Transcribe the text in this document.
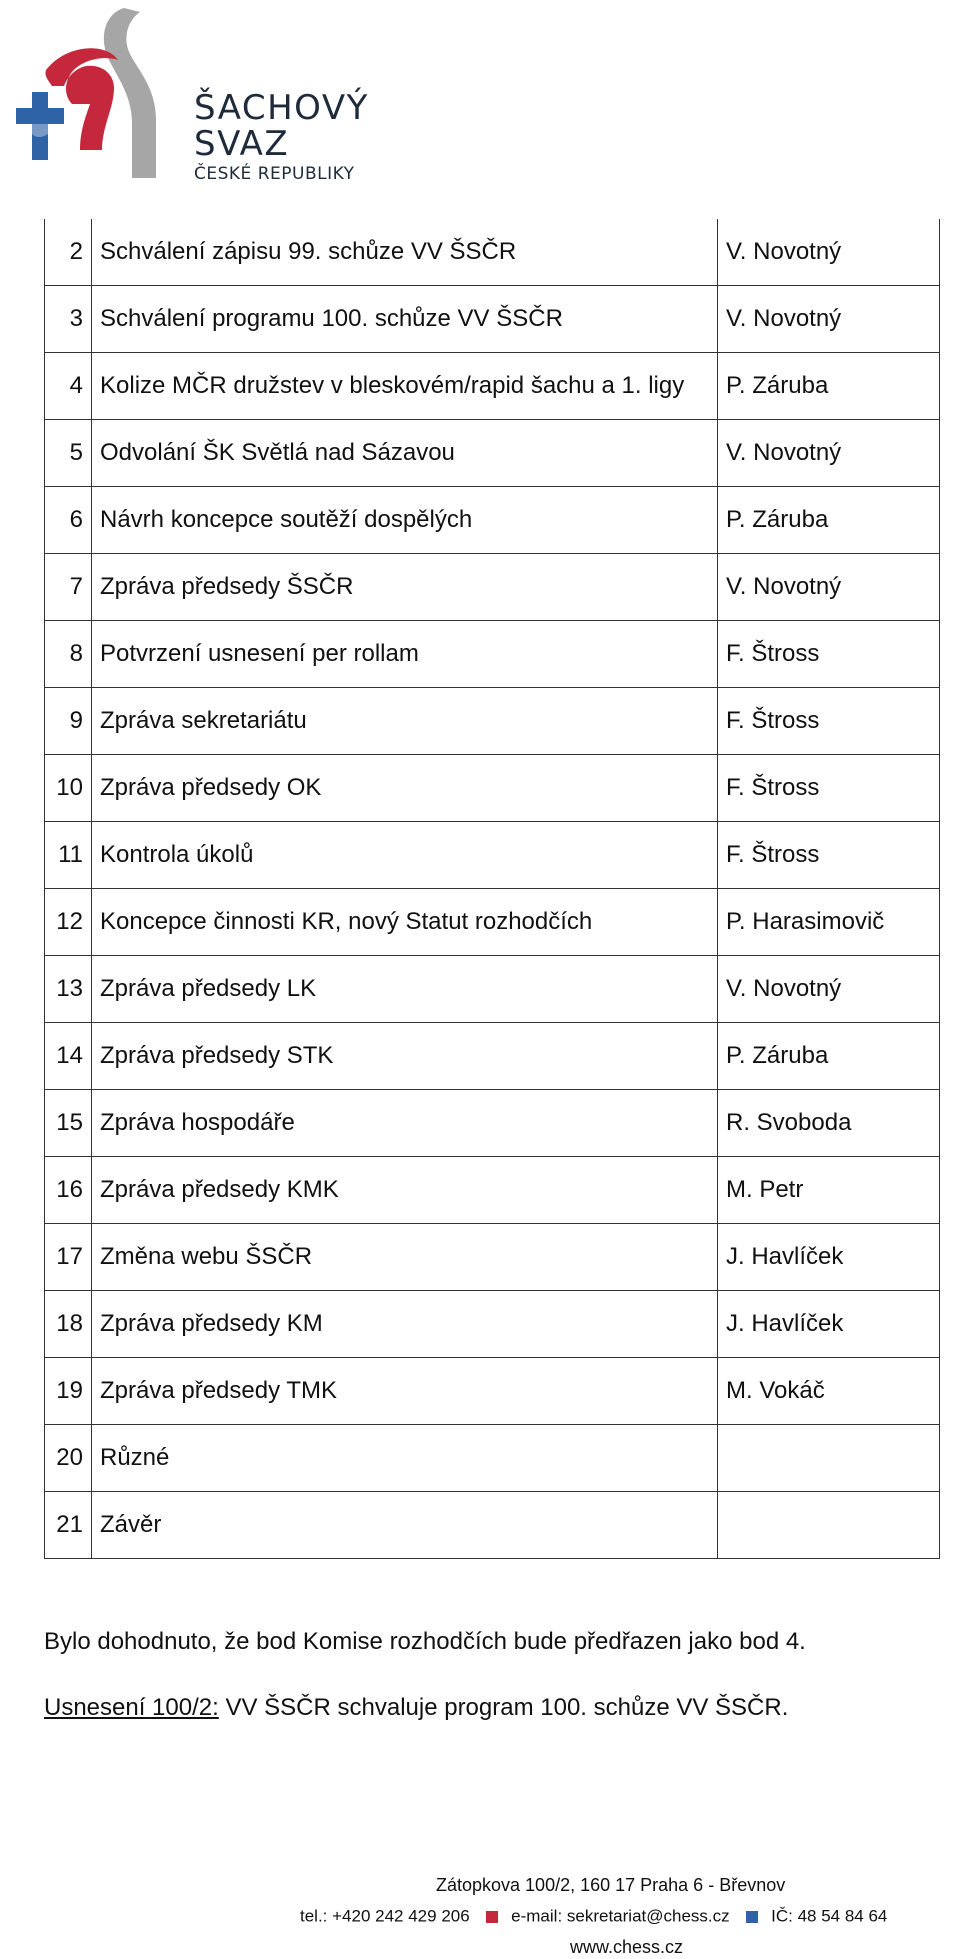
ŠACHOVÝ
SVAZ
ČESKÉ REPUBLIKY
2	Schválení zápisu 99. schůze VV ŠSČR	V. Novotný
3	Schválení programu 100. schůze VV ŠSČR	V. Novotný
4	Kolize MČR družstev v bleskovém/rapid šachu a 1. ligy	P. Záruba
5	Odvolání ŠK Světlá nad Sázavou	V. Novotný
6	Návrh koncepce soutěží dospělých	P. Záruba
7	Zpráva předsedy ŠSČR	V. Novotný
8	Potvrzení usnesení per rollam	F. Štross
9	Zpráva sekretariátu	F. Štross
10	Zpráva předsedy OK	F. Štross
11	Kontrola úkolů	F. Štross
12	Koncepce činnosti KR, nový Statut rozhodčích	P. Harasimovič
13	Zpráva předsedy LK	V. Novotný
14	Zpráva předsedy STK	P. Záruba
15	Zpráva hospodáře	R. Svoboda
16	Zpráva předsedy KMK	M. Petr
17	Změna webu ŠSČR	J. Havlíček
18	Zpráva předsedy KM	J. Havlíček
19	Zpráva předsedy TMK	M. Vokáč
20	Různé	
21	Závěr	
Bylo dohodnuto, že bod Komise rozhodčích bude předřazen jako bod 4.
Usnesení 100/2: VV ŠSČR schvaluje program 100. schůze VV ŠSČR.
Zátopkova 100/2, 160 17 Praha 6 - Břevnov
tel.: +420 242 429 206 e-mail: sekretariat@chess.cz IČ: 48 54 84 64
www.chess.cz
